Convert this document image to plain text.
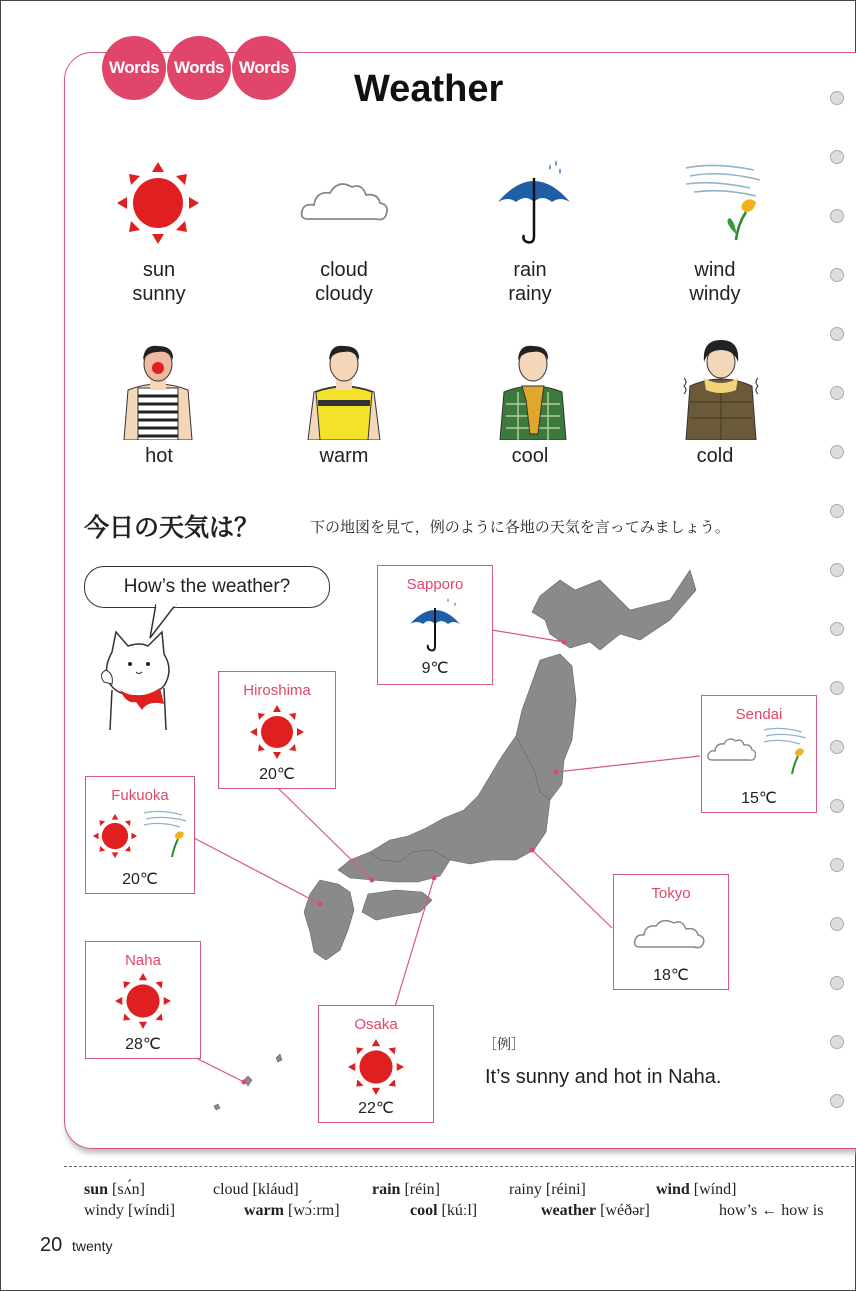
Words Words Words
Weather
sun
sunny
cloud
cloudy
rain
rainy
wind
windy
hot	warm	cool	cold
今日の天気は？	下の地図を見て，例のように各地の天気を言ってみましょう。
How’s the weather?	Sapporo
9℃
Hiroshima
20℃
Sendai
15℃
Fukuoka
20℃
Tokyo
18℃
Naha
28℃
Osaka
22℃
［例］
It’s sunny and hot in Naha.
sun [sʌ́n]	cloud [kláud]	rain [réin]	rainy [réini]	wind [wínd]
windy [wíndi]	warm [wɔ́ːrm]	cool [kúːl]	weather [wéðər]	how’s ← how is
20 twenty
